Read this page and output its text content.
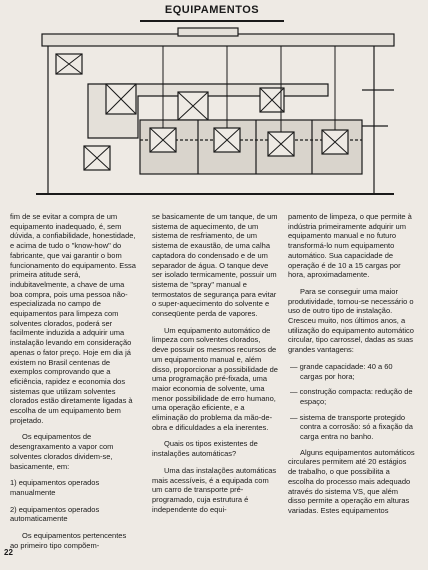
EQUIPAMENTOS

fim de se evitar a compra de um equipamento inadequado, é, sem dúvida, a confiabilidade, honestidade, e acima de tudo o "know-how" do fabricante, que vai garantir o bom funcionamento do equipamento. Essa primeira atitude será, indubitavelmente, a chave de uma boa compra, pois uma pessoa não-especializada no campo de equipamentos para limpeza com solventes clorados, poderá ser facilmente induzida a adquirir uma instalação levando em consideração apenas o fator preço. Hoje em dia já existem no Brasil centenas de exemplos comprovando que a eficiência, rapidez e economia dos sistemas que utilizam solventes clorados estão diretamente ligadas à escolha de um equipamento bem projetado.

Os equipamentos de desengraxamento a vapor com solventes clorados dividem-se, basicamente, em:

1) equipamentos operados manualmente

2) equipamentos operados automaticamente

Os equipamentos pertencentes ao primeiro tipo compõem-

se basicamente de um tanque, de um sistema de aquecimento, de um sistema de resfriamento, de um sistema de exaustão, de uma calha captadora do condensado e de um separador de água. O tanque deve ser isolado termicamente, possuir um sistema de "spray" manual e termostatos de segurança para evitar o super-aquecimento do solvente e conseqüente perda de vapores.

Um equipamento automático de limpeza com solventes clorados, deve possuir os mesmos recursos de um equipamento manual e, além disso, proporcionar a possibilidade de uma programação pré-fixada, uma maior economia de solvente, uma menor possibilidade de erro humano, uma operação eficiente, e a eliminação do problema da mão-de-obra e dificuldades a ela inerentes.

Quais os tipos existentes de instalações automáticas?

Uma das instalações automáticas mais acessíveis, é a equipada com um carro de transporte pré-programado, cuja estrutura é independente do equi-

pamento de limpeza, o que permite à indústria primeiramente adquirir um equipamento manual e no futuro transformá-lo num equipamento automático. Sua capacidade de operação é de 10 a 15 cargas por hora, aproximadamente.

Para se conseguir uma maior produtividade, tornou-se necessário o uso de outro tipo de instalação. Cresceu muito, nos últimos anos, a utilização do equipamento automático circular, tipo carrossel, dadas as suas grandes vantagens:

— grande capacidade: 40 a 60 cargas por hora;
— construção compacta: redução de espaço;
— sistema de transporte protegido contra a corrosão: só a fixação da carga entra no banho.

Alguns equipamentos automáticos circulares permitem até 20 estágios de trabalho, o que possibilita a escolha do processo mais adequado através do sistema VS, que além disso permite a operação em alturas variadas. Estes equipamentos

22
